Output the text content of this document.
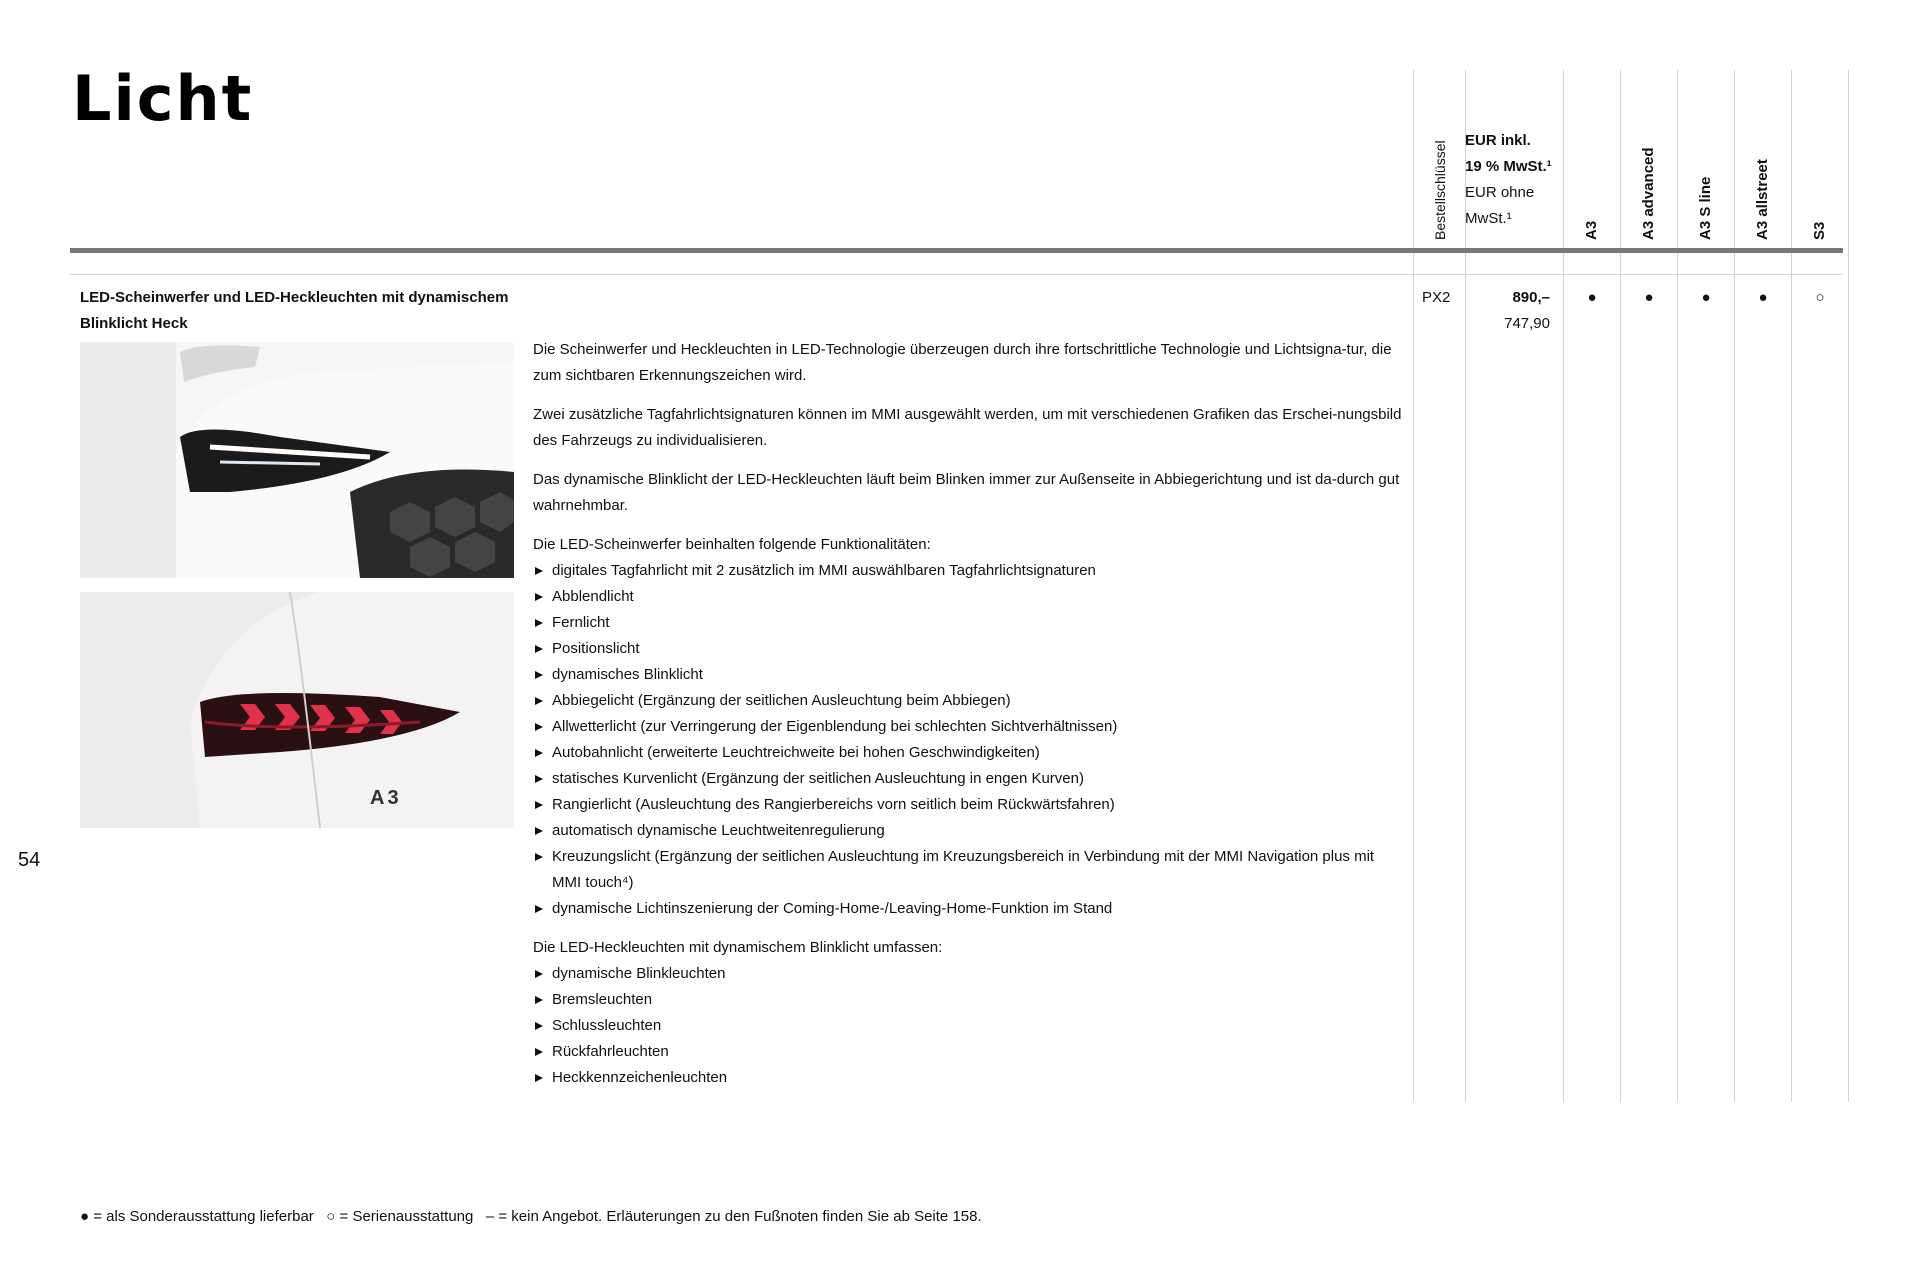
Licht
Bestellschlüssel EUR inkl.
19 % MwSt.¹
EUR ohne
MwSt.¹
A3	A3 advanced	A3 S line	A3 allstreet	S3
LED-Scheinwerfer und LED-Heckleuchten mit dynamischem Blinklicht Heck
A3

Die Scheinwerfer und Heckleuchten in LED-Technologie überzeugen durch ihre fortschrittliche Technologie und Lichtsigna-tur, die zum sichtbaren Erkennungszeichen wird.

Zwei zusätzliche Tagfahrlichtsignaturen können im MMI ausgewählt werden, um mit verschiedenen Grafiken das Erschei-nungsbild des Fahrzeugs zu individualisieren.

Das dynamische Blinklicht der LED-Heckleuchten läuft beim Blinken immer zur Außenseite in Abbiegerichtung und ist da-durch gut wahrnehmbar.

Die LED-Scheinwerfer beinhalten folgende Funktionalitäten:
digitales Tagfahrlicht mit 2 zusätzlich im MMI auswählbaren Tagfahrlichtsignaturen
Abblendlicht
Fernlicht
Positionslicht
dynamisches Blinklicht
Abbiegelicht (Ergänzung der seitlichen Ausleuchtung beim Abbiegen)
Allwetterlicht (zur Verringerung der Eigenblendung bei schlechten Sichtverhältnissen)
Autobahnlicht (erweiterte Leuchtreichweite bei hohen Geschwindigkeiten)
statisches Kurvenlicht (Ergänzung der seitlichen Ausleuchtung in engen Kurven)
Rangierlicht (Ausleuchtung des Rangierbereichs vorn seitlich beim Rückwärtsfahren)
automatisch dynamische Leuchtweitenregulierung
Kreuzungslicht (Ergänzung der seitlichen Ausleuchtung im Kreuzungsbereich in Verbindung mit der MMI Navigation plus mit MMI touch⁴)
dynamische Lichtinszenierung der Coming-Home-/Leaving-Home-Funktion im Stand
Die LED-Heckleuchten mit dynamischem Blinklicht umfassen:
dynamische Blinkleuchten
Bremsleuchten
Schlussleuchten
Rückfahrleuchten
Heckkennzeichenleuchten
PX2	890,–
747,90
●	●	●	●	○
54
● = als Sonderausstattung lieferbar   ○ = Serienausstattung   – = kein Angebot. Erläuterungen zu den Fußnoten finden Sie ab Seite 158.
